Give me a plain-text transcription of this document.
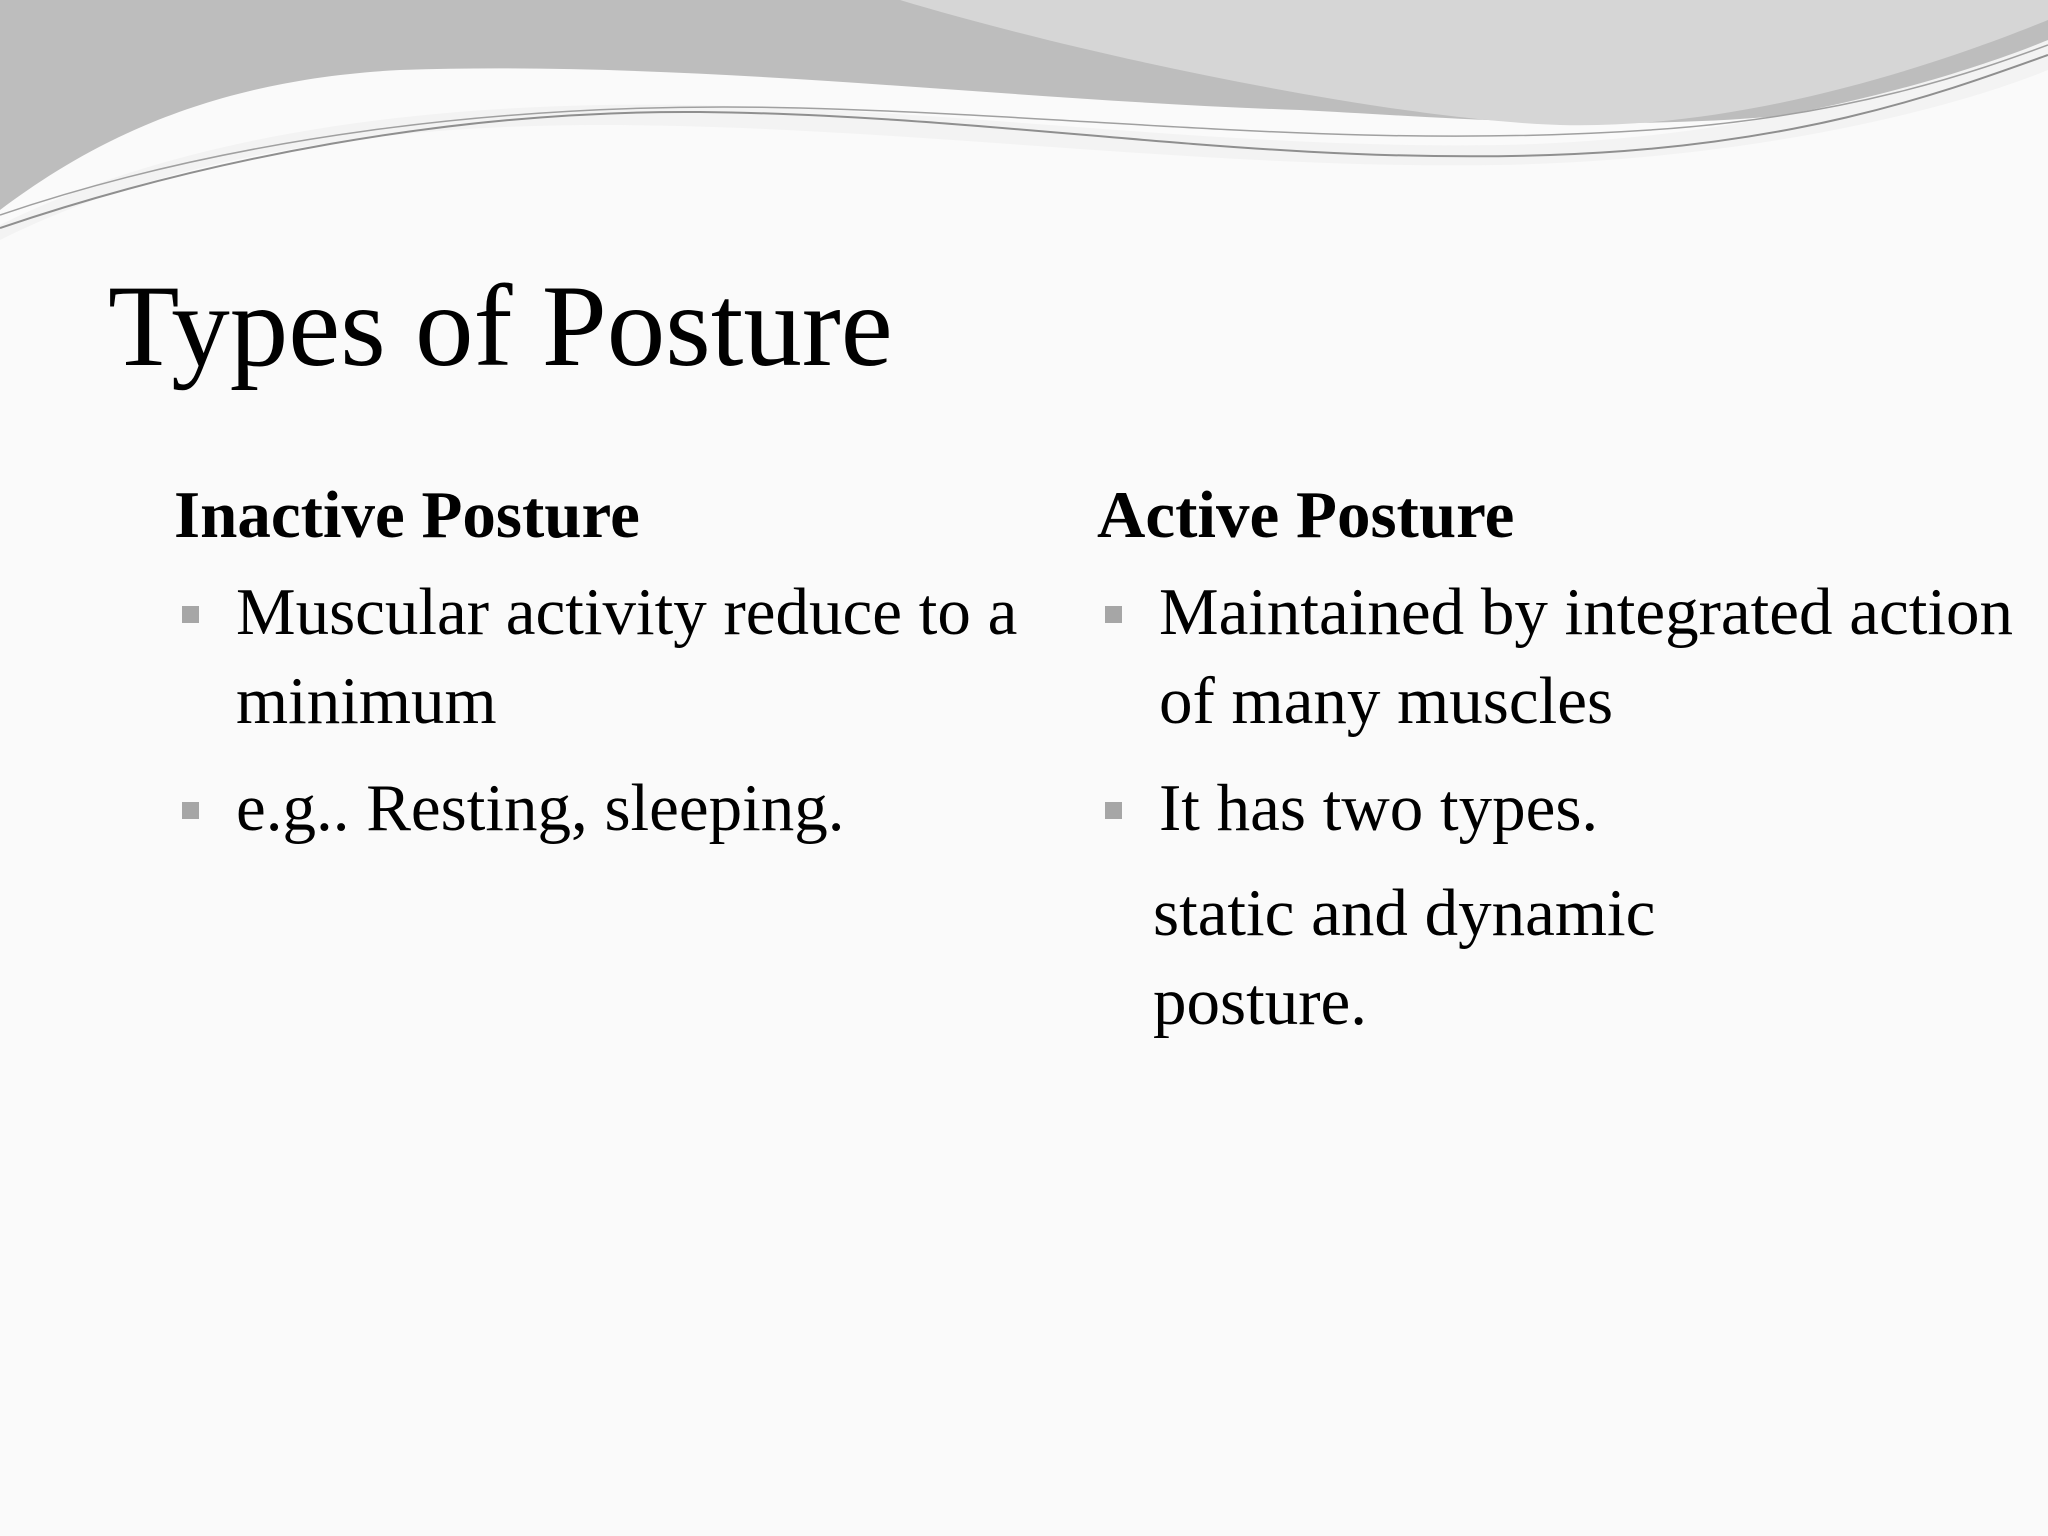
Types of Posture
Inactive Posture
Muscular activity reduce to a minimum
e.g.. Resting, sleeping.
Active Posture
Maintained by integrated action of many muscles
It has two types.
static and dynamic posture.
